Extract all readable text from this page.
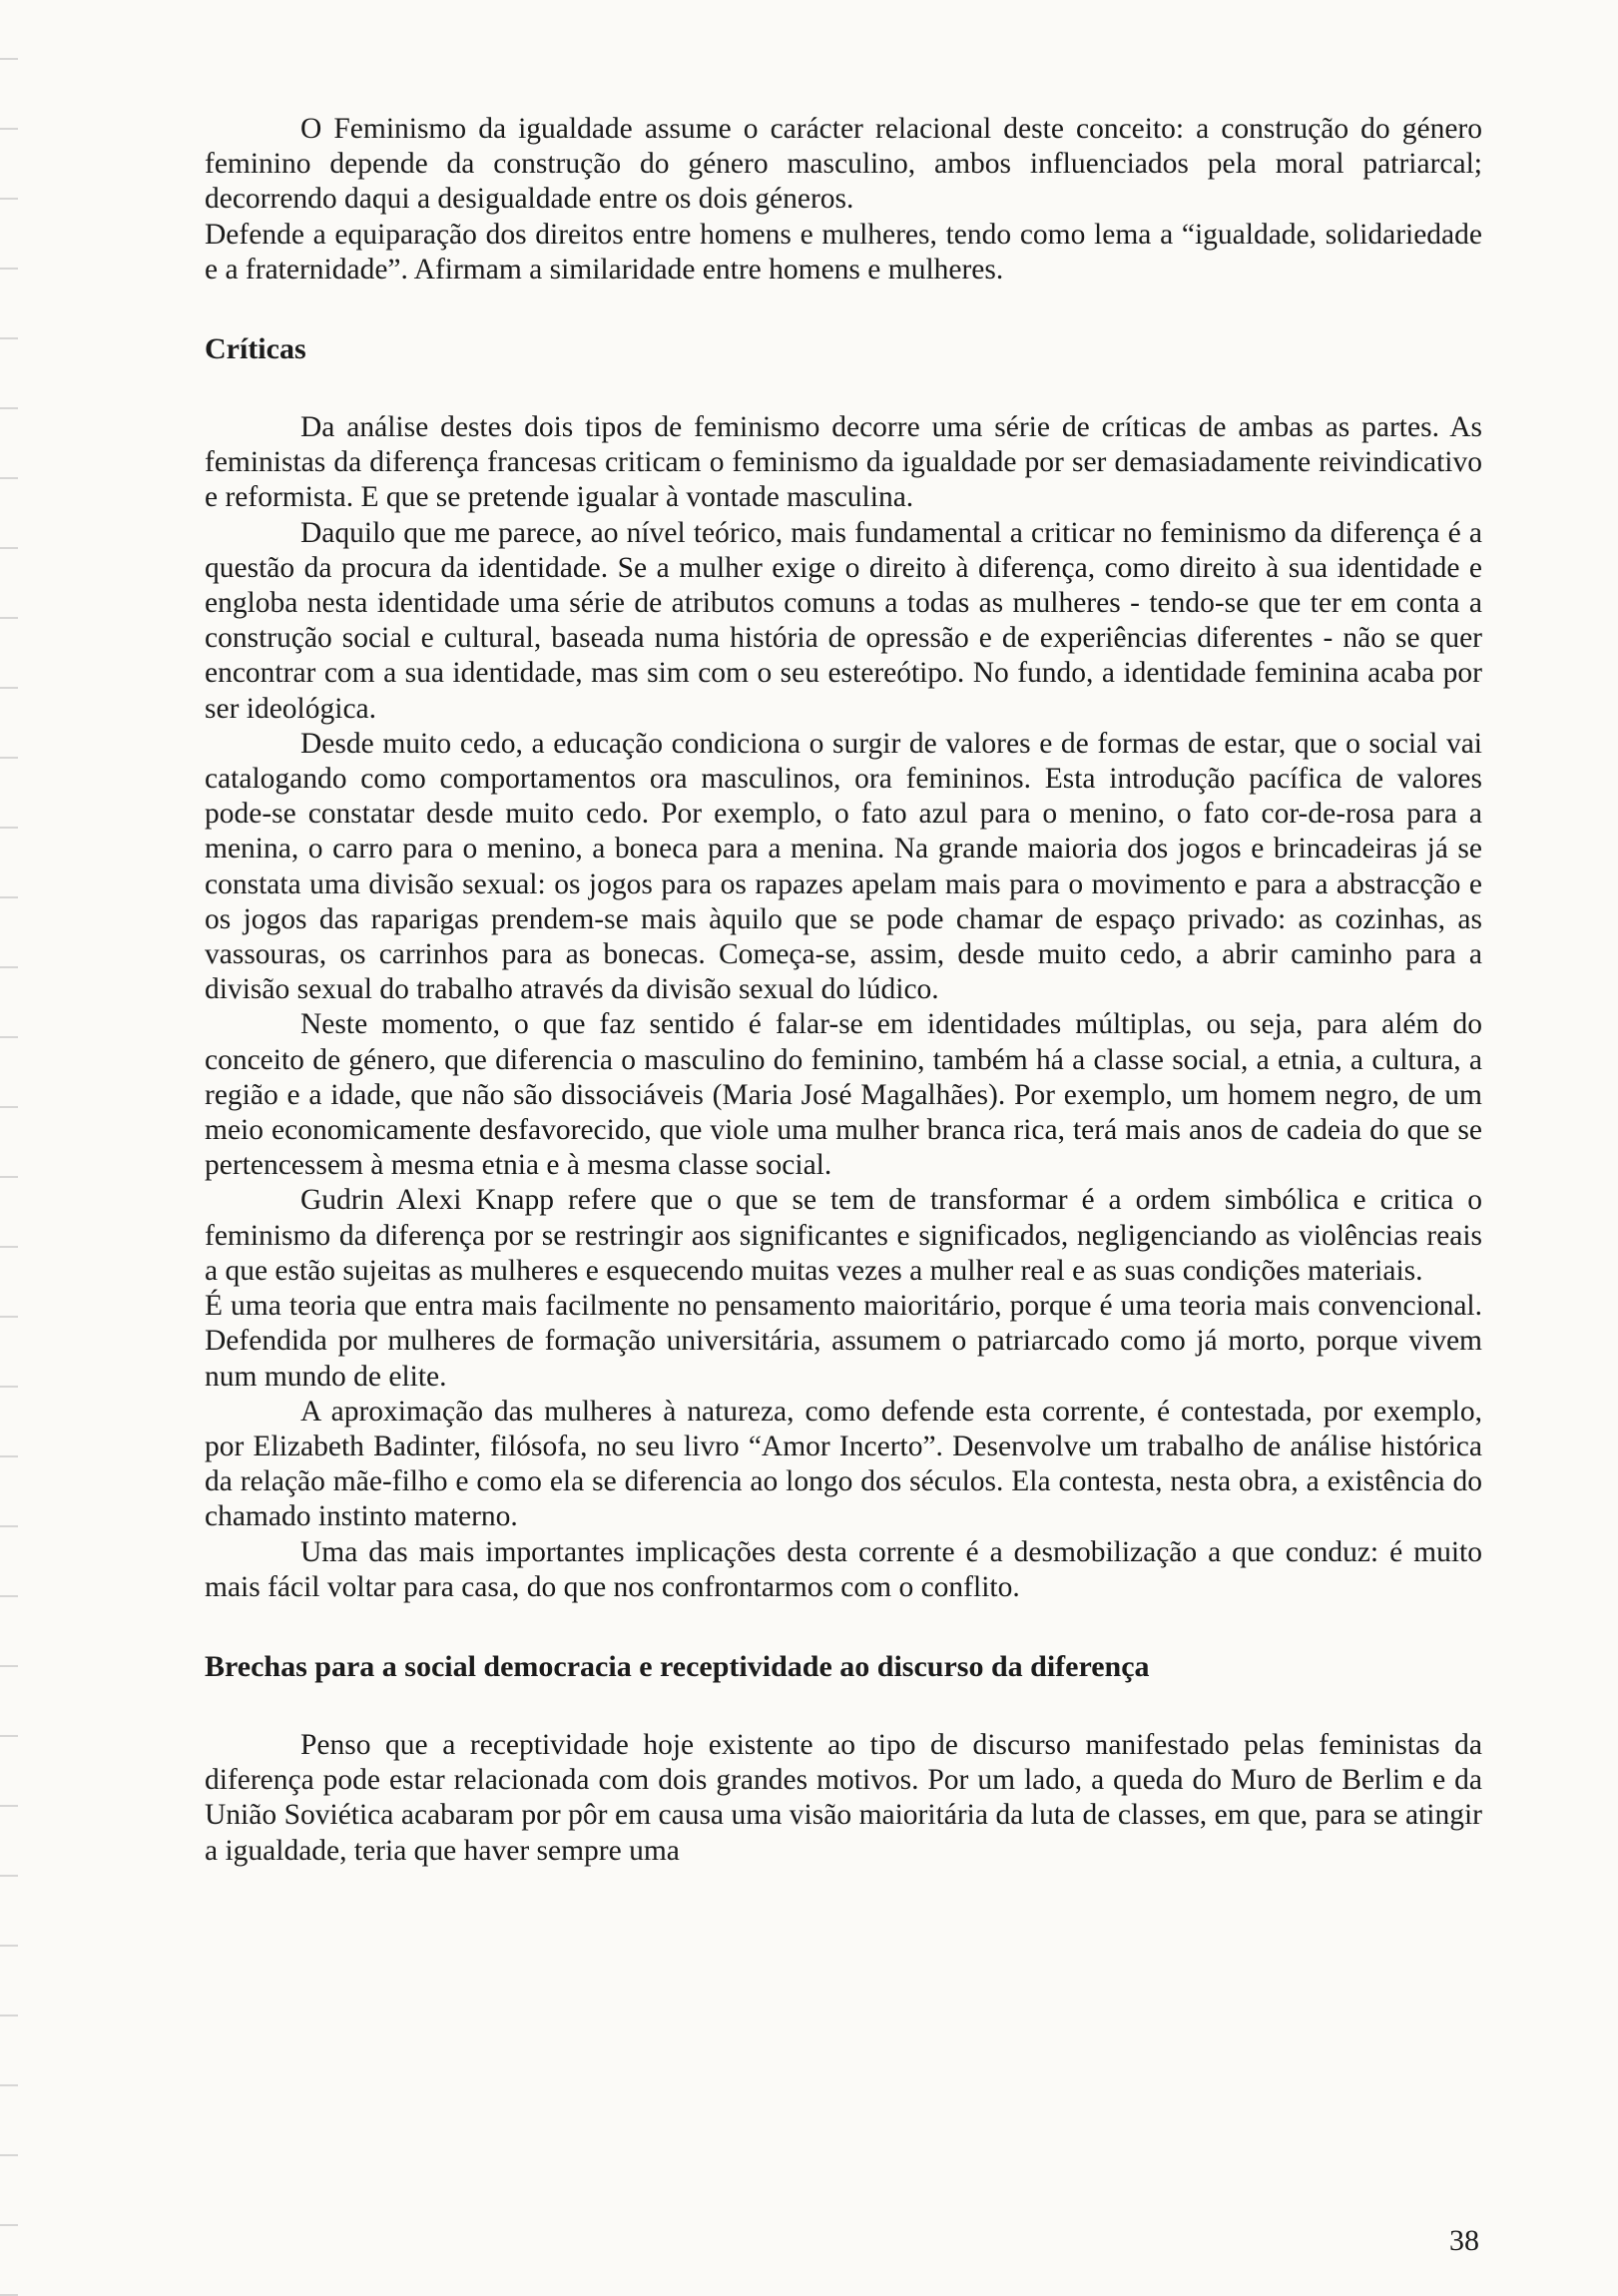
O Feminismo da igualdade assume o carácter relacional deste conceito: a construção do género feminino depende da construção do género masculino, ambos influenciados pela moral patriarcal; decorrendo daqui a desigualdade entre os dois géneros.

Defende a equiparação dos direitos entre homens e mulheres, tendo como lema a “igualdade, solidariedade e a fraternidade”. Afirmam a similaridade entre homens e mulheres.

Críticas

Da análise destes dois tipos de feminismo decorre uma série de críticas de ambas as partes. As feministas da diferença francesas criticam o feminismo da igualdade por ser demasiadamente reivindicativo e reformista. E que se pretende igualar à vontade masculina.

Daquilo que me parece, ao nível teórico, mais fundamental a criticar no feminismo da diferença é a questão da procura da identidade. Se a mulher exige o direito à diferença, como direito à sua identidade e engloba nesta identidade uma série de atributos comuns a todas as mulheres - tendo-se que ter em conta a construção social e cultural, baseada numa história de opressão e de experiências diferentes - não se quer encontrar com a sua identidade, mas sim com o seu estereótipo. No fundo, a identidade feminina acaba por ser ideológica.

Desde muito cedo, a educação condiciona o surgir de valores e de formas de estar, que o social vai catalogando como comportamentos ora masculinos, ora femininos. Esta introdução pacífica de valores pode-se constatar desde muito cedo. Por exemplo, o fato azul para o menino, o fato cor-de-rosa para a menina, o carro para o menino, a boneca para a menina. Na grande maioria dos jogos e brincadeiras já se constata uma divisão sexual: os jogos para os rapazes apelam mais para o movimento e para a abstracção e os jogos das raparigas prendem-se mais àquilo que se pode chamar de espaço privado: as cozinhas, as vassouras, os carrinhos para as bonecas. Começa-se, assim, desde muito cedo, a abrir caminho para a divisão sexual do trabalho através da divisão sexual do lúdico.

Neste momento, o que faz sentido é falar-se em identidades múltiplas, ou seja, para além do conceito de género, que diferencia o masculino do feminino, também há a classe social, a etnia, a cultura, a região e a idade, que não são dissociáveis (Maria José Magalhães). Por exemplo, um homem negro, de um meio economicamente desfavorecido, que viole uma mulher branca rica, terá mais anos de cadeia do que se pertencessem à mesma etnia e à mesma classe social.

Gudrin Alexi Knapp refere que o que se tem de transformar é a ordem simbólica e critica o feminismo da diferença por se restringir aos significantes e significados, negligenciando as violências reais a que estão sujeitas as mulheres e esquecendo muitas vezes a mulher real e as suas condições materiais.

É uma teoria que entra mais facilmente no pensamento maioritário, porque é uma teoria mais convencional. Defendida por mulheres de formação universitária, assumem o patriarcado como já morto, porque vivem num mundo de elite.

A aproximação das mulheres à natureza, como defende esta corrente, é contestada, por exemplo, por Elizabeth Badinter, filósofa, no seu livro “Amor Incerto”. Desenvolve um trabalho de análise histórica da relação mãe-filho e como ela se diferencia ao longo dos séculos. Ela contesta, nesta obra, a existência do chamado instinto materno.

Uma das mais importantes implicações desta corrente é a desmobilização a que conduz: é muito mais fácil voltar para casa, do que nos confrontarmos com o conflito.

Brechas para a social democracia e receptividade ao discurso da diferença

Penso que a receptividade hoje existente ao tipo de discurso manifestado pelas feministas da diferença pode estar relacionada com dois grandes motivos. Por um lado, a queda do Muro de Berlim e da União Soviética acabaram por pôr em causa uma visão maioritária da luta de classes, em que, para se atingir a igualdade, teria que haver sempre uma

38
